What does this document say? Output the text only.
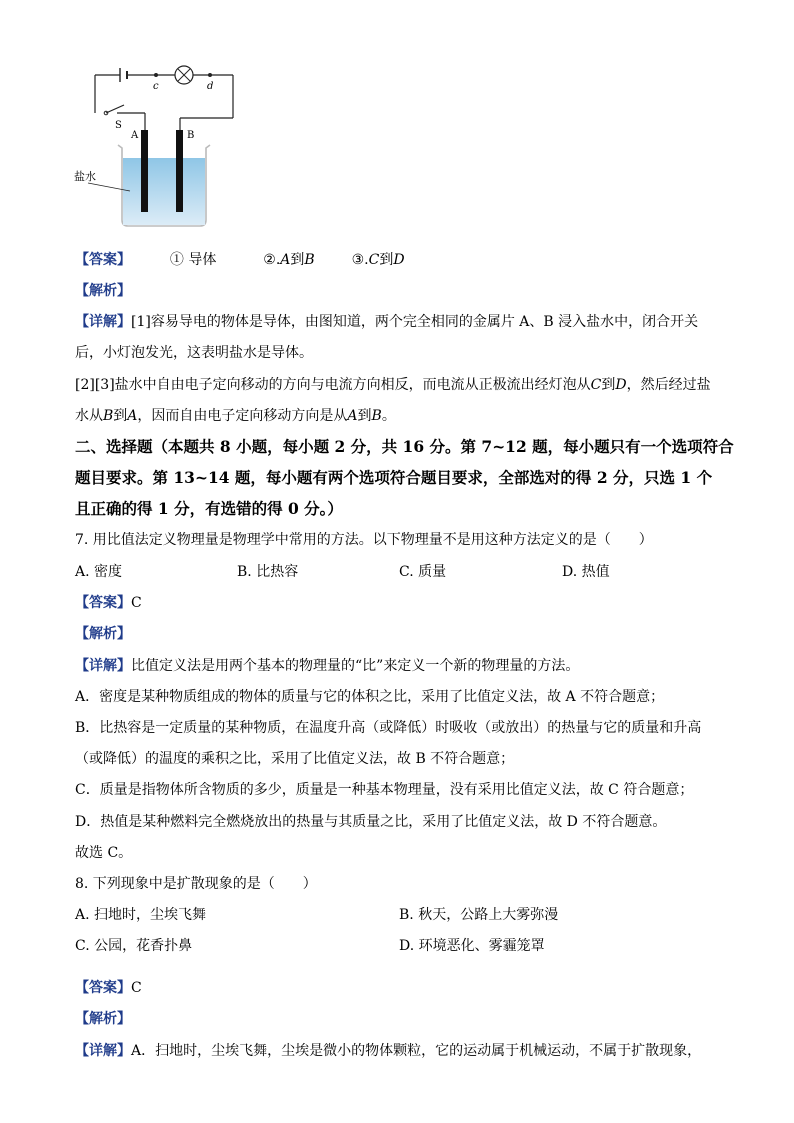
c	d
S
A	B
盐水
【答案】	① 导体	②.A到B	③.C到D
【解析】
【详解】[1]容易导电的物体是导体，由图知道，两个完全相同的金属片 A、B 浸入盐水中，闭合开关
后，小灯泡发光，这表明盐水是导体。
[2][3]盐水中自由电子定向移动的方向与电流方向相反，而电流从正极流出经灯泡从C到D，然后经过盐
水从B到A，因而自由电子定向移动方向是从A到B。
二、选择题（本题共 8 小题，每小题 2 分，共 16 分。第 7~12 题，每小题只有一个选项符合
题目要求。第 13~14 题，每小题有两个选项符合题目要求，全部选对的得 2 分，只选 1 个
且正确的得 1 分，有选错的得 0 分。）
7. 用比值法定义物理量是物理学中常用的方法。以下物理量不是用这种方法定义的是（　　）
A. 密度	B. 比热容	C. 质量	D. 热值
【答案】C
【解析】
【详解】比值定义法是用两个基本的物理量的“比”来定义一个新的物理量的方法。
A．密度是某种物质组成的物体的质量与它的体积之比，采用了比值定义法，故 A 不符合题意；
B．比热容是一定质量的某种物质，在温度升高（或降低）时吸收（或放出）的热量与它的质量和升高
（或降低）的温度的乘积之比，采用了比值定义法，故 B 不符合题意；
C．质量是指物体所含物质的多少，质量是一种基本物理量，没有采用比值定义法，故 C 符合题意；
D．热值是某种燃料完全燃烧放出的热量与其质量之比，采用了比值定义法，故 D 不符合题意。
故选 C。
8. 下列现象中是扩散现象的是（　　）
A. 扫地时，尘埃飞舞	B. 秋天，公路上大雾弥漫
C. 公园，花香扑鼻	D. 环境恶化、雾霾笼罩
【答案】C
【解析】
【详解】A．扫地时，尘埃飞舞，尘埃是微小的物体颗粒，它的运动属于机械运动，不属于扩散现象，
